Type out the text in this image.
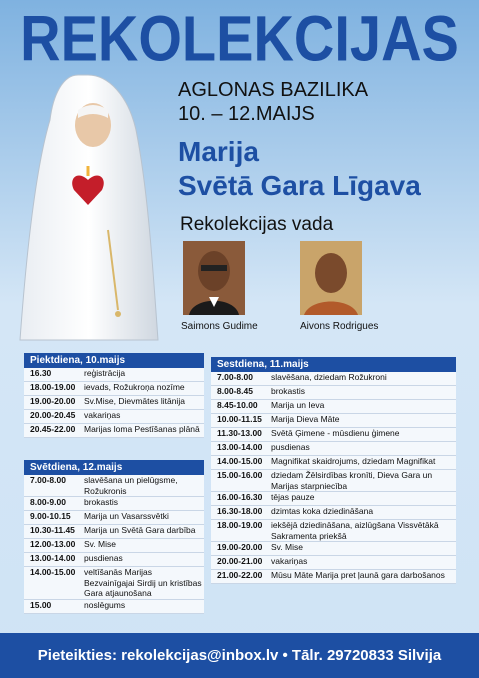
REKOLEKCIJAS
AGLONAS BAZILIKA
10. – 12.MAIJS
Marija
Svētā Gara Līgava
Rekolekcijas vada
Saimons Gudime	Aivons Rodrigues
Piektdiena, 10.maijs
16.30	reģistrācija
18.00-19.00	ievads, Rožukroņa nozīme
19.00-20.00	Sv.Mise, Dievmātes litānija
20.00-20.45	vakariņas
20.45-22.00	Marijas loma Pestīšanas plānā
Svētdiena, 12.maijs
7.00-8.00	slavēšana un pielūgsme, Rožukronis
8.00-9.00	brokastis
9.00-10.15	Marija un Vasarssvētki
10.30-11.45	Marija un Svētā Gara darbība
12.00-13.00	Sv. Mise
13.00-14.00	pusdienas
14.00-15.00	veltīšanās Marijas Bezvainīgajai Sirdij un kristības Gara atjaunošana
15.00	noslēgums
Sestdiena, 11.maijs
7.00-8.00	slavēšana, dziedam Rožukroni
8.00-8.45	brokastis
8.45-10.00	Marija un Ieva
10.00-11.15	Marija Dieva Māte
11.30-13.00	Svētā Ģimene - mūsdienu ģimene
13.00-14.00	pusdienas
14.00-15.00	Magnifikat skaidrojums, dziedam Magnifikat
15.00-16.00	dziedam Žēlsirdības kronīti, Dieva Gara un Marijas starpniecība
16.00-16.30	tējas pauze
16.30-18.00	dzimtas koka dziedināšana
18.00-19.00	iekšējā dziedināšana, aizlūgšana Vissvētākā Sakramenta priekšā
19.00-20.00	Sv. Mise
20.00-21.00	vakariņas
21.00-22.00	Mūsu Māte Marija pret ļaunā gara darbošanos
Pieteikties: rekolekcijas@inbox.lv • Tālr. 29720833 Silvija
